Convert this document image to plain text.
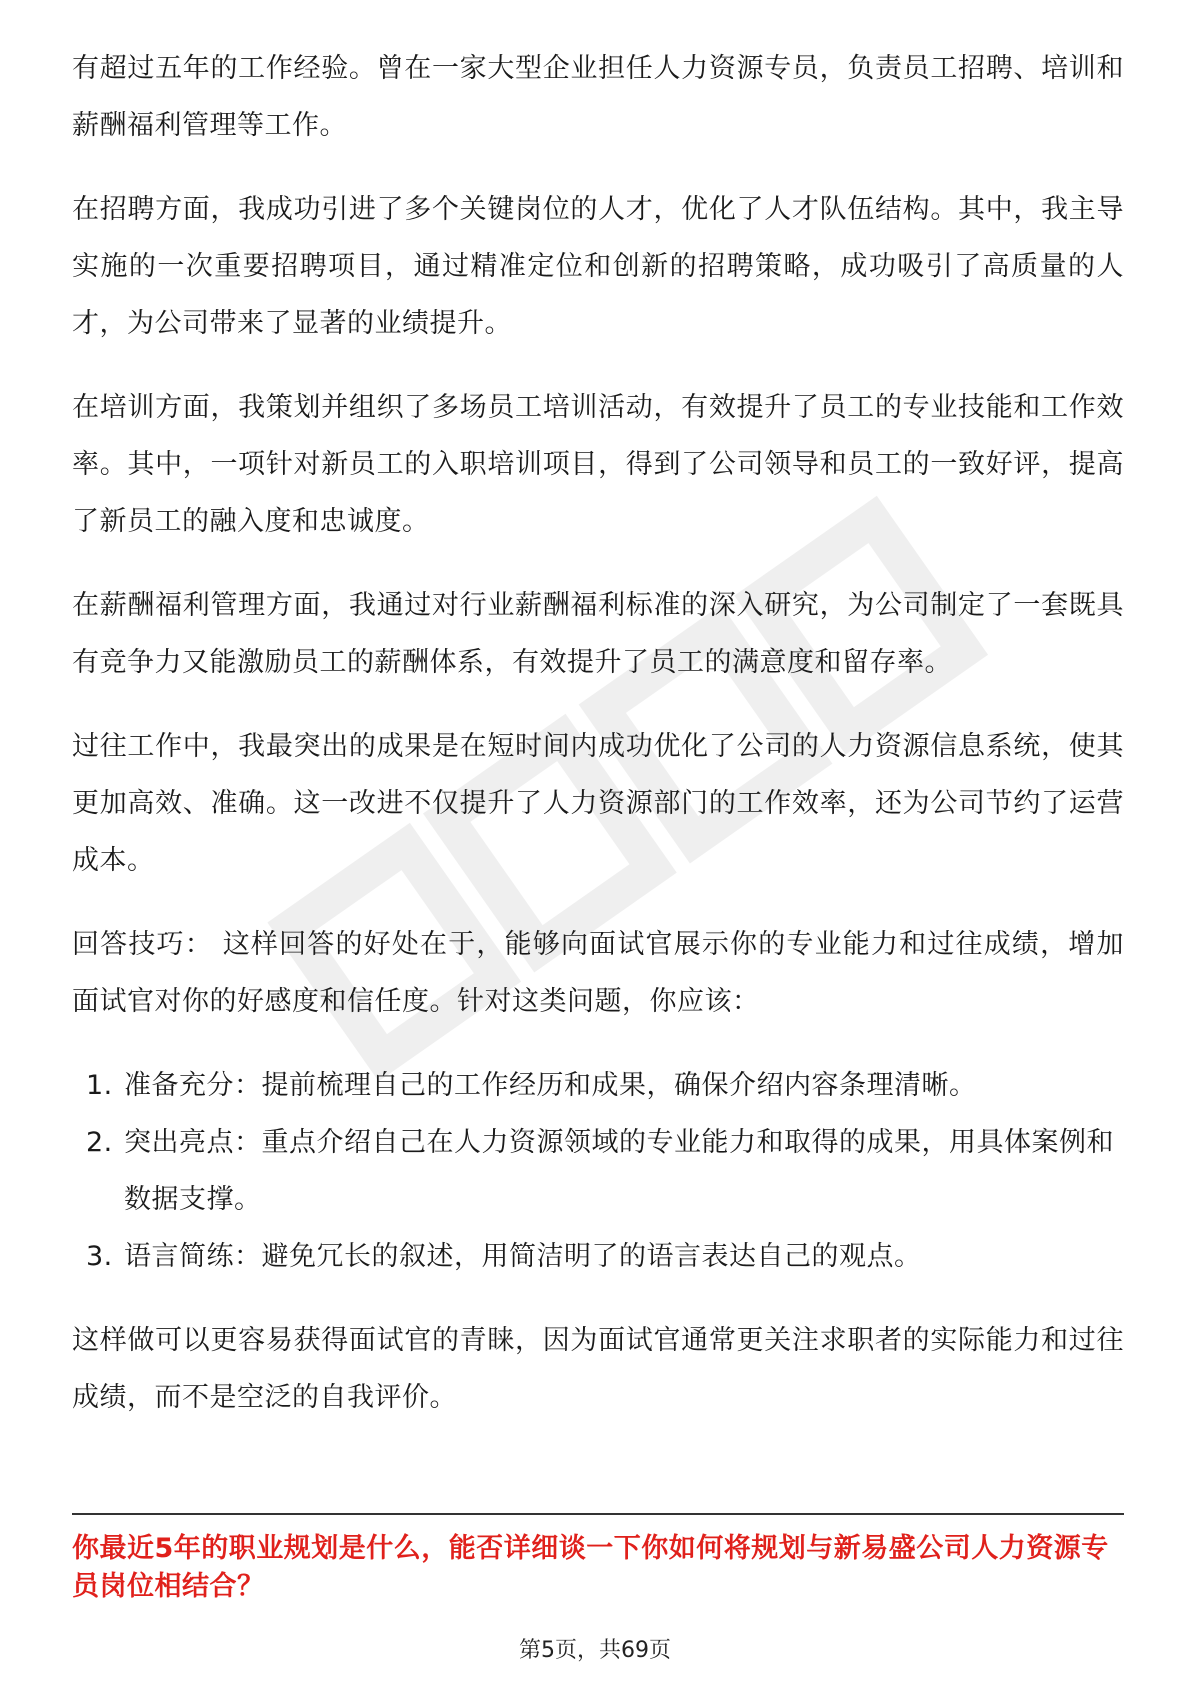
有超过五年的工作经验。曾在一家大型企业担任人力资源专员，负责员工招聘、培训和薪酬福利管理等工作。

在招聘方面，我成功引进了多个关键岗位的人才，优化了人才队伍结构。其中，我主导实施的一次重要招聘项目，通过精准定位和创新的招聘策略，成功吸引了高质量的人才，为公司带来了显著的业绩提升。

在培训方面，我策划并组织了多场员工培训活动，有效提升了员工的专业技能和工作效率。其中，一项针对新员工的入职培训项目，得到了公司领导和员工的一致好评，提高了新员工的融入度和忠诚度。

在薪酬福利管理方面，我通过对行业薪酬福利标准的深入研究，为公司制定了一套既具有竞争力又能激励员工的薪酬体系，有效提升了员工的满意度和留存率。

过往工作中，我最突出的成果是在短时间内成功优化了公司的人力资源信息系统，使其更加高效、准确。这一改进不仅提升了人力资源部门的工作效率，还为公司节约了运营成本。

回答技巧： 这样回答的好处在于，能够向面试官展示你的专业能力和过往成绩，增加面试官对你的好感度和信任度。针对这类问题，你应该：

1. 准备充分：提前梳理自己的工作经历和成果，确保介绍内容条理清晰。
2. 突出亮点：重点介绍自己在人力资源领域的专业能力和取得的成果，用具体案例和数据支撑。
3. 语言简练：避免冗长的叙述，用简洁明了的语言表达自己的观点。

这样做可以更容易获得面试官的青睐，因为面试官通常更关注求职者的实际能力和过往成绩，而不是空泛的自我评价。

你最近5年的职业规划是什么，能否详细谈一下你如何将规划与新易盛公司人力资源专员岗位相结合？

第5页，共69页
